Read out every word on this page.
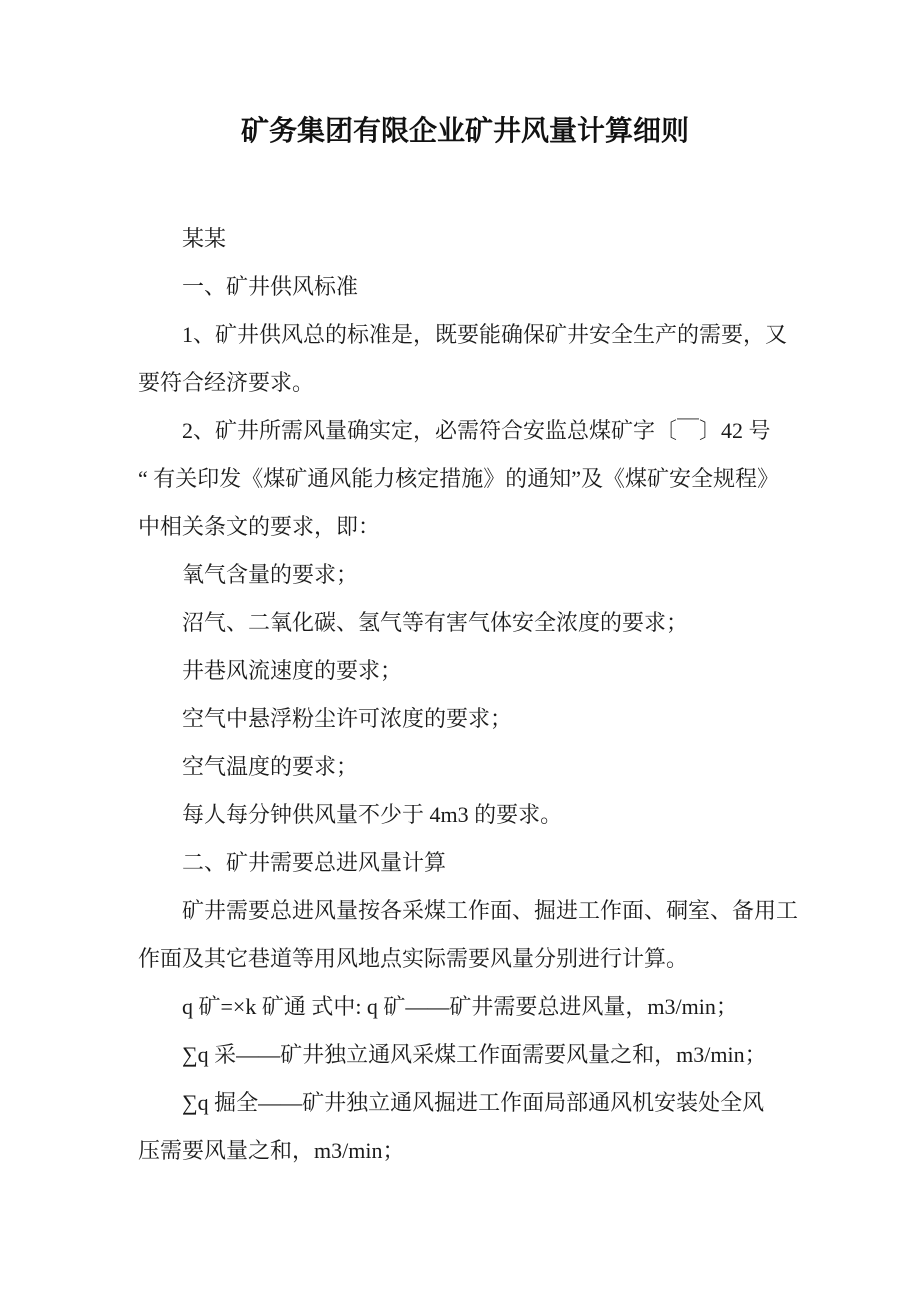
矿务集团有限企业矿井风量计算细则
某某
一、矿井供风标准
1、矿井供风总的标准是，既要能确保矿井安全生产的需要，又
要符合经济要求。
2、矿井所需风量确实定，必需符合安监总煤矿字〔￣〕42 号
“ 有关印发《煤矿通风能力核定措施》的通知”及《煤矿安全规程》
中相关条文的要求，即：
氧气含量的要求；
沼气、二氧化碳、氢气等有害气体安全浓度的要求；
井巷风流速度的要求；
空气中悬浮粉尘许可浓度的要求；
空气温度的要求；
每人每分钟供风量不少于 4m3 的要求。
二、矿井需要总进风量计算
矿井需要总进风量按各采煤工作面、掘进工作面、硐室、备用工
作面及其它巷道等用风地点实际需要风量分别进行计算。
q 矿=×k 矿通 式中: q 矿——矿井需要总进风量，m3/min；
∑q 采——矿井独立通风采煤工作面需要风量之和，m3/min；
∑q 掘全——矿井独立通风掘进工作面局部通风机安装处全风
压需要风量之和，m3/min；
